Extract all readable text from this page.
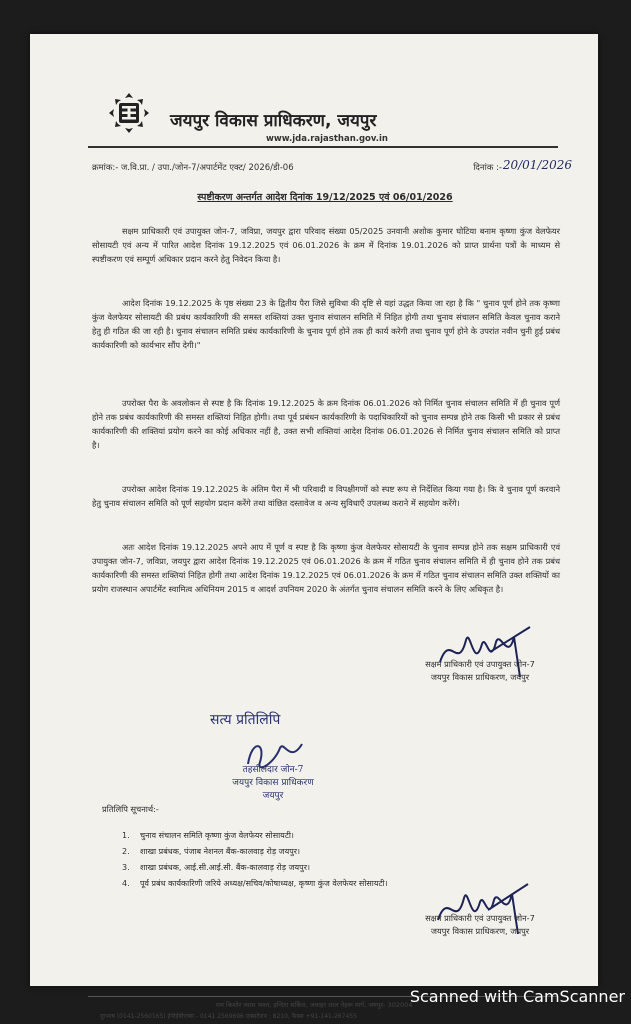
जयपुर विकास प्राधिकरण, जयपुर
www.jda.rajasthan.gov.in
क्रमांक:- ज.वि.प्रा. / उपा./जोन-7/अपार्टमेंट एक्ट/ 2026/डी-06	दिनांक :- 20/01/2026
स्पष्टीकरण अन्तर्गत आदेश दिनांक 19/12/2025 एवं 06/01/2026

सक्षम प्राधिकारी एवं उपायुक्त जोन-7, जविप्रा, जयपुर द्वारा परिवाद संख्या 05/2025 उनवानी अशोक कुमार घोटिया बनाम कृष्णा कुंज वेलफेयर सोसायटी एवं अन्य में पारित आदेश दिनांक 19.12.2025 एवं 06.01.2026 के क्रम में दिनांक 19.01.2026 को प्राप्त प्रार्थना पत्रों के माध्यम से स्पष्टीकरण एवं सम्पूर्ण अधिकार प्रदान करने हेतु निवेदन किया है।

आदेश दिनांक 19.12.2025 के पृष्ठ संख्या 23 के द्वितीय पैरा जिसे सुविधा की दृष्टि से यहां उद्धत किया जा रहा है कि " चुनाव पूर्ण होने तक कृष्णा कुंज वेलफेयर सोसायटी की प्रबंध कार्यकारिणी की समस्त शक्तियां उक्त चुनाव संचालन समिति में निहित होगी तथा चुनाव संचालन समिति केवल चुनाव कराने हेतु ही गठित की जा रही है। चुनाव संचालन समिति प्रबंध कार्यकारिणी के चुनाव पूर्ण होने तक ही कार्य करेगी तथा चुनाव पूर्ण होने के उपरांत नवीन चुनी हुई प्रबंध कार्यकारिणी को कार्यभार सौंप देगी।"

उपरोक्त पैरा के अवलोकन से स्पष्ट है कि दिनांक 19.12.2025 के क्रम दिनांक 06.01.2026 को निर्मित चुनाव संचालन समिति में ही चुनाव पूर्ण होने तक प्रबंध कार्यकारिणी की समस्त शक्तियां निहित होगी। तथा पूर्व प्रबंधन कार्यकारिणी के पदाधिकारियों को चुनाव सम्पन्न होने तक किसी भी प्रकार से प्रबंध कार्यकारिणी की शक्तियां प्रयोग करने का कोई अधिकार नहीं है, उक्त सभी शक्तियां आदेश दिनांक 06.01.2026 से निर्मित चुनाव संचालन समिति को प्राप्त है।

उपरोक्त आदेश दिनांक 19.12.2025 के अंतिम पैरा में भी परिवादी व विपक्षीगणों को स्पष्ट रूप से निर्देशित किया गया है। कि वे चुनाव पूर्ण करवाने हेतु चुनाव संचालन समिति को पूर्ण सहयोग प्रदान करेंगे तथा वांछित दस्तावेज व अन्य सुविधाएँ उपलब्ध कराने में सहयोग करेंगे।

अतः आदेश दिनांक 19.12.2025 अपने आप में पूर्ण व स्पष्ट है कि कृष्णा कुंज वेलफेयर सोसायटी के चुनाव सम्पन्न होने तक सक्षम प्राधिकारी एवं उपायुक्त जोन-7, जविप्रा, जयपुर द्वारा आदेश दिनांक 19.12.2025 एवं 06.01.2026 के क्रम में गठित चुनाव संचालन समिति में ही चुनाव होने तक प्रबंध कार्यकारिणी की समस्त शक्तियां निहित होगी तथा आदेश दिनांक 19.12.2025 एवं 06.01.2026 के क्रम में गठित चुनाव संचालन समिति उक्त शक्तियों का प्रयोग राजस्थान अपार्टमेंट स्वामित्व अधिनियम 2015 व आदर्श उपनियम 2020 के अंतर्गत चुनाव संचालन समिति करने के लिए अधिकृत है।

सक्षम प्राधिकारी एवं उपायुक्त जोन-7
जयपुर विकास प्राधिकरण, जयपुर
सत्य प्रतिलिपि
तहसीलदार जोन-7
जयपुर विकास प्राधिकरण
जयपुर
प्रतिलिपि सूचनार्थ:-
1. चुनाव संचालन समिति कृष्णा कुंज वेलफेयर सोसायटी।
2. शाखा प्रबंधक, पंजाब नेशनल बैंक-कालवाड़ रोड़ जयपुर।
3. शाखा प्रबंधक, आई.सी.आई.सी. बैंक-कालवाड़ रोड़ जयपुर।
4. पूर्व प्रबंध कार्यकारिणी जरिये अध्यक्ष/सचिव/कोषाध्यक्ष, कृष्णा कुंज वेलफेयर सोसायटी।
सक्षम प्राधिकारी एवं उपायुक्त जोन-7
जयपुर विकास प्राधिकरण, जयपुर
राम किशोर व्यास भवन, इन्दिरा सर्किल, जवाहर लाल नेहरू मार्ग, जयपुर- 302004
दूरभाष (0141-2560165) ईपीईबीएक्स - 0141 2569696 एक्सटेंशन : 8210, फैक्स +91-141-267455
Scanned with CamScanner
